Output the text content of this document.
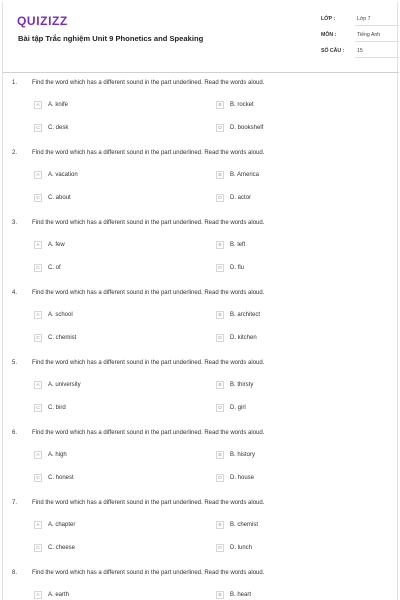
QUIZIZZ
Bài tập Trắc nghiệm Unit 9 Phonetics and Speaking
LỚP :	Lớp 7
MÔN :	Tiếng Anh
SỐ CÂU : 15
1. Find the word which has a different sound in the part underlined. Read the words aloud.
A	A. knife	B	B. rocket
C	C. desk	D	D. bookshelf
2. Find the word which has a different sound in the part underlined. Read the words aloud.
A	A. vacation	B	B. America
C	C. about	D	D. actor
3. Find the word which has a different sound in the part underlined. Read the words aloud.
A	A. few	B	B. left
C	C. of	D	D. flu
4. Find the word which has a different sound in the part underlined. Read the words aloud.
A	A. school	B	B. architect
C	C. chemist	D	D. kitchen
5. Find the word which has a different sound in the part underlined. Read the words aloud.
A	A. university	B	B. thirsty
C	C. bird	D	D. girl
6. Find the word which has a different sound in the part underlined. Read the words aloud.
A	A. high	B	B. history
C	C. honest	D	D. house
7. Find the word which has a different sound in the part underlined. Read the words aloud.
A	A. chapter	B	B. chemist
C	C. cheese	D	D. lunch
8. Find the word which has a different sound in the part underlined. Read the words aloud.
A	A. earth	B	B. heart
